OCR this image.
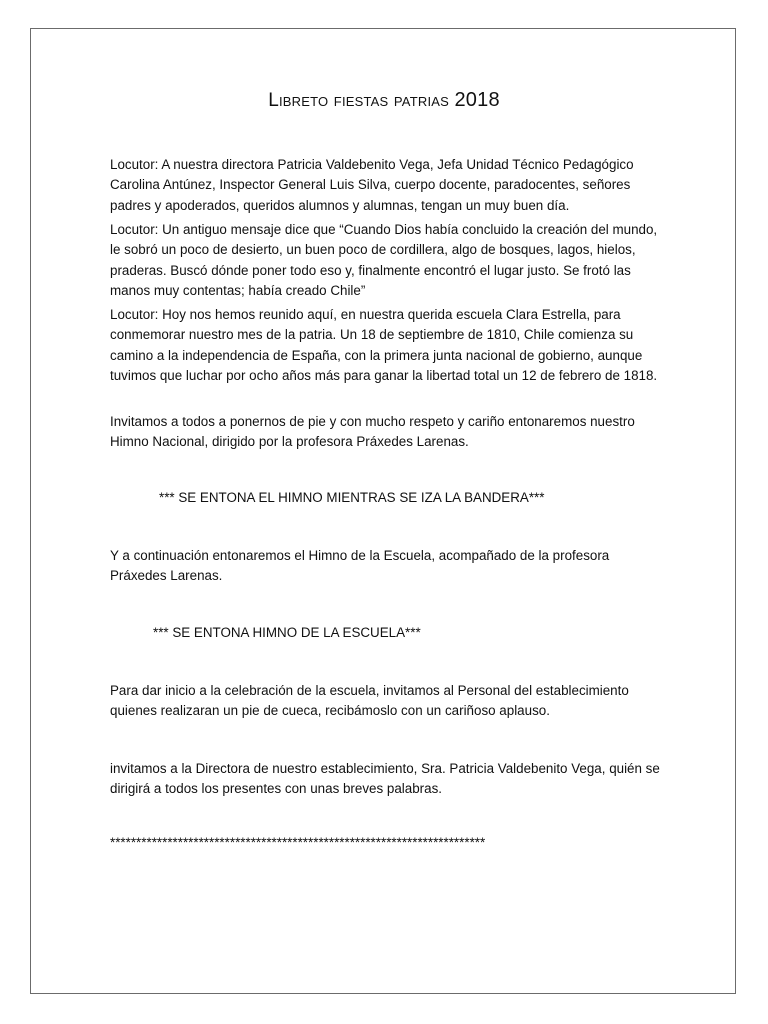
Libreto fiestas patrias 2018
Locutor: A nuestra directora Patricia Valdebenito Vega, Jefa Unidad Técnico Pedagógico Carolina Antúnez, Inspector General Luis Silva, cuerpo docente, paradocentes, señores padres y apoderados, queridos alumnos y alumnas, tengan un muy buen día.
Locutor: Un antiguo mensaje dice que “Cuando Dios había concluido la creación del mundo, le sobró un poco de desierto, un buen poco de cordillera, algo de bosques, lagos, hielos, praderas. Buscó dónde poner todo eso y, finalmente encontró el lugar justo. Se frotó las manos muy contentas; había creado Chile”
Locutor: Hoy nos hemos reunido aquí, en nuestra querida escuela Clara Estrella, para conmemorar nuestro mes de la patria. Un 18 de septiembre de 1810, Chile comienza su camino a la independencia de España, con la primera junta nacional de gobierno, aunque tuvimos que luchar por ocho años más para ganar la libertad total un 12 de febrero de 1818.
Invitamos a todos a ponernos de pie y con mucho respeto y cariño entonaremos nuestro Himno Nacional, dirigido por la profesora Práxedes Larenas.
*** SE ENTONA EL HIMNO MIENTRAS SE IZA LA BANDERA***
Y a continuación entonaremos el Himno de la Escuela, acompañado de la profesora Práxedes Larenas.
*** SE ENTONA HIMNO DE LA ESCUELA***
Para dar inicio a la celebración de la escuela, invitamos al Personal del establecimiento quienes realizaran un pie de cueca, recibámoslo con un cariñoso aplauso.
invitamos a la Directora de nuestro establecimiento, Sra. Patricia Valdebenito Vega, quién se dirigirá a todos los presentes con unas breves palabras.
************************************************************************
